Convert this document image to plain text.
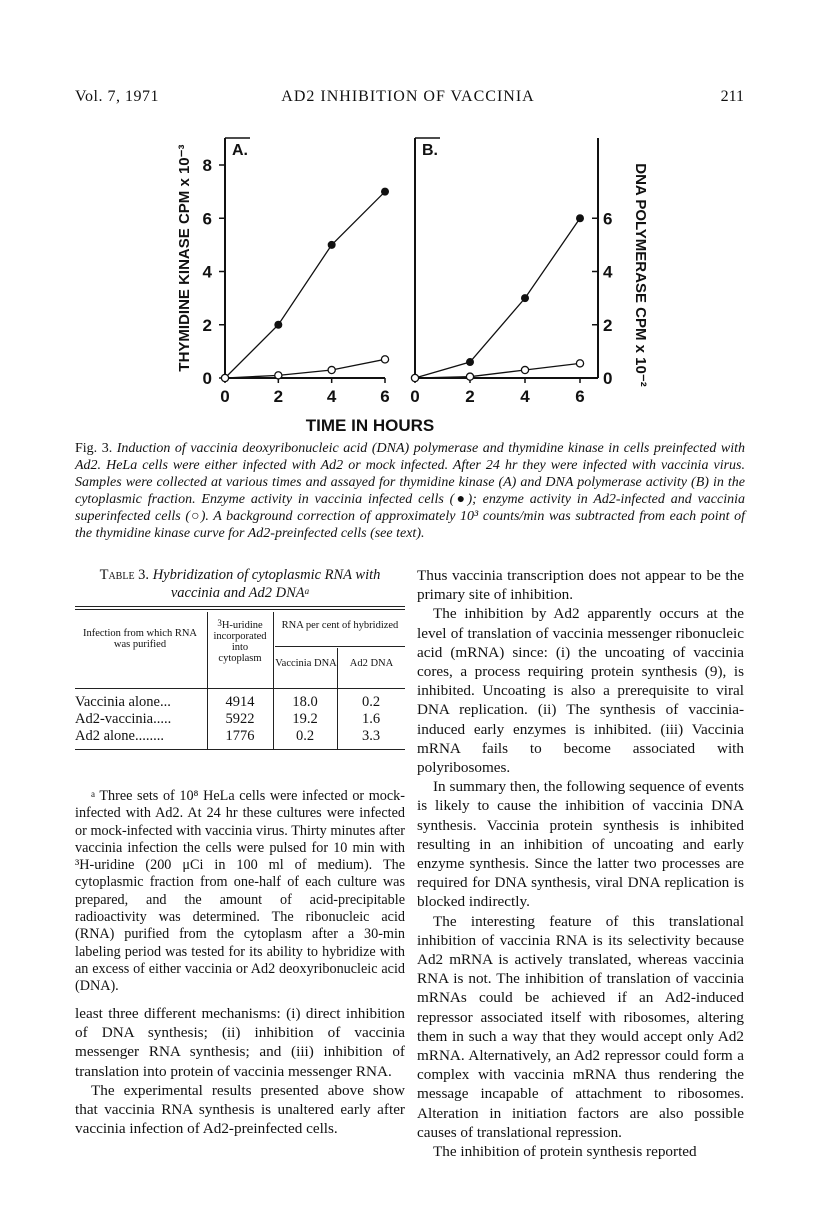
Vol. 7, 1971	AD2 INHIBITION OF VACCINIA	211
A.	B.
0
2
4
6
8
0
2
4
6
0	2	4	6 0	2	4	6
THYMIDINE KINASE CPM x 10⁻³	DNA POLYMERASE CPM x 10⁻²
TIME IN HOURS
Fig. 3. Induction of vaccinia deoxyribonucleic acid (DNA) polymerase and thymidine kinase in cells preinfected with Ad2. HeLa cells were either infected with Ad2 or mock infected. After 24 hr they were infected with vaccinia virus. Samples were collected at various times and assayed for thymidine kinase (A) and DNA polymerase activity (B) in the cytoplasmic fraction. Enzyme activity in vaccinia infected cells (●); enzyme activity in Ad2-infected and vaccinia superinfected cells (○). A background correction of approximately 10³ counts/min was subtracted from each point of the thymidine kinase curve for Ad2-preinfected cells (see text).
Table 3. Hybridization of cytoplasmic RNA with vaccinia and Ad2 DNA$^a$
Infection from which RNA was purified
$^3$H-uridine incorporated into cytoplasm
RNA per cent of hybridized
Vaccinia DNA	Ad2 DNA
Vaccinia alone...	4914	18.0	0.2
Ad2-vaccinia.....	5922	19.2	1.6
Ad2 alone........	1776	0.2	3.3
$^a$ Three sets of 10⁸ HeLa cells were infected or mock-infected with Ad2. At 24 hr these cultures were infected or mock-infected with vaccinia virus. Thirty minutes after vaccinia infection the cells were pulsed for 10 min with ³H-uridine (200 μCi in 100 ml of medium). The cytoplasmic fraction from one-half of each culture was prepared, and the amount of acid-precipitable radioactivity was determined. The ribonucleic acid (RNA) purified from the cytoplasm after a 30-min labeling period was tested for its ability to hybridize with an excess of either vaccinia or Ad2 deoxyribonucleic acid (DNA).

least three different mechanisms: (i) direct inhibition of DNA synthesis; (ii) inhibition of vaccinia messenger RNA synthesis; and (iii) inhibition of translation into protein of vaccinia messenger RNA.

The experimental results presented above show that vaccinia RNA synthesis is unaltered early after vaccinia infection of Ad2-preinfected cells.

Thus vaccinia transcription does not appear to be the primary site of inhibition.

The inhibition by Ad2 apparently occurs at the level of translation of vaccinia messenger ribonucleic acid (mRNA) since: (i) the uncoating of vaccinia cores, a process requiring protein synthesis (9), is inhibited. Uncoating is also a prerequisite to viral DNA replication. (ii) The synthesis of vaccinia-induced early enzymes is inhibited. (iii) Vaccinia mRNA fails to become associated with polyribosomes.

In summary then, the following sequence of events is likely to cause the inhibition of vaccinia DNA synthesis. Vaccinia protein synthesis is inhibited resulting in an inhibition of uncoating and early enzyme synthesis. Since the latter two processes are required for DNA synthesis, viral DNA replication is blocked indirectly.

The interesting feature of this translational inhibition of vaccinia RNA is its selectivity because Ad2 mRNA is actively translated, whereas vaccinia RNA is not. The inhibition of translation of vaccinia mRNAs could be achieved if an Ad2-induced repressor associated itself with ribosomes, altering them in such a way that they would accept only Ad2 mRNA. Alternatively, an Ad2 repressor could form a complex with vaccinia mRNA thus rendering the message incapable of attachment to ribosomes. Alteration in initiation factors are also possible causes of translational repression.

The inhibition of protein synthesis reported
